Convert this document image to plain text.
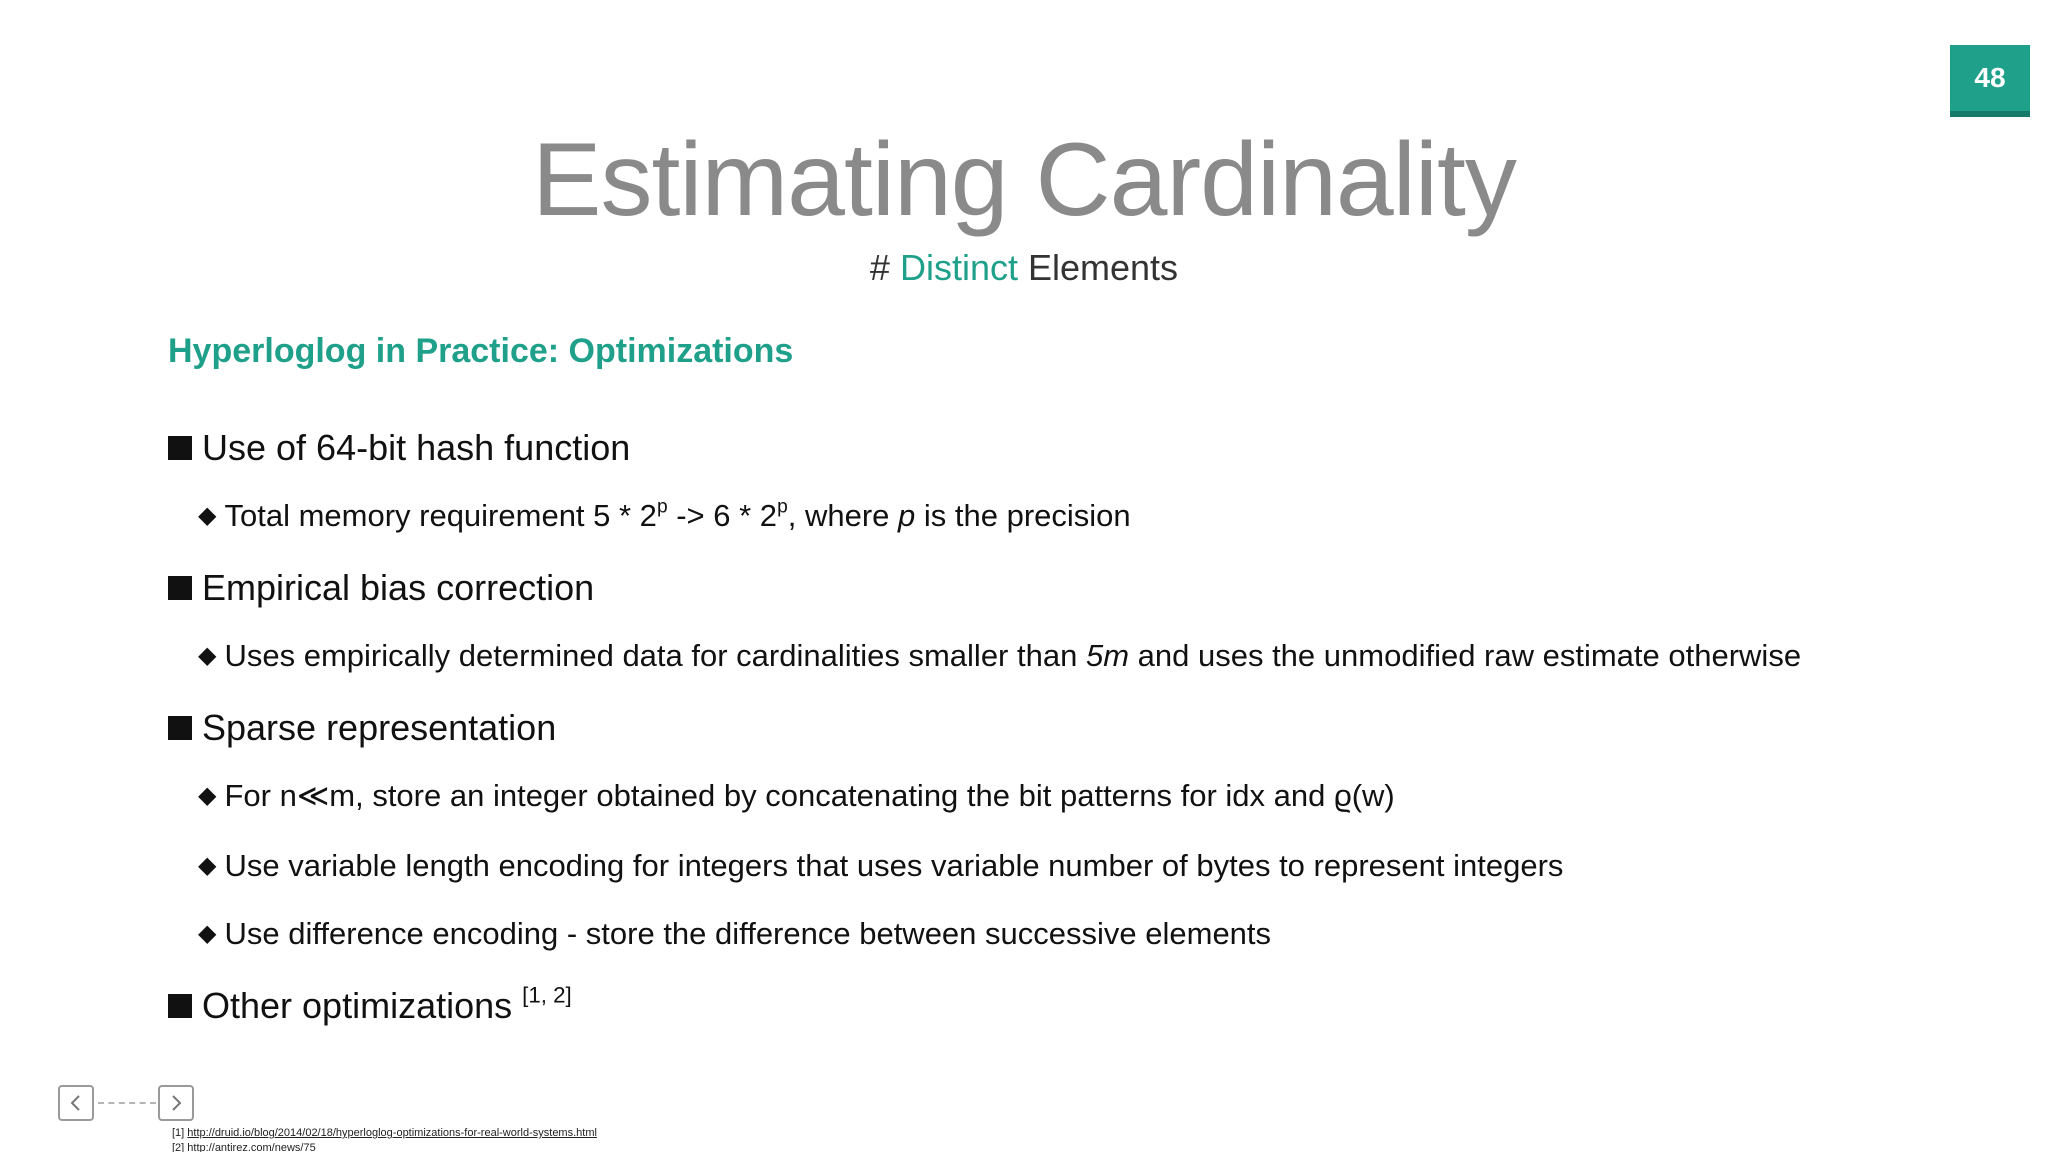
48
Estimating Cardinality
# Distinct Elements
Hyperloglog in Practice: Optimizations
Use of 64-bit hash function
◆ Total memory requirement 5 * 2$^p$ -> 6 * 2$^p$, where p is the precision
Empirical bias correction
◆ Uses empirically determined data for cardinalities smaller than 5m and uses the unmodified raw estimate otherwise
Sparse representation
◆ For n≪m, store an integer obtained by concatenating the bit patterns for idx and ϱ(w)
◆ Use variable length encoding for integers that uses variable number of bytes to represent integers
◆ Use difference encoding - store the difference between successive elements
Other optimizations [1, 2]
[1] http://druid.io/blog/2014/02/18/hyperloglog-optimizations-for-real-world-systems.html
[2] http://antirez.com/news/75
